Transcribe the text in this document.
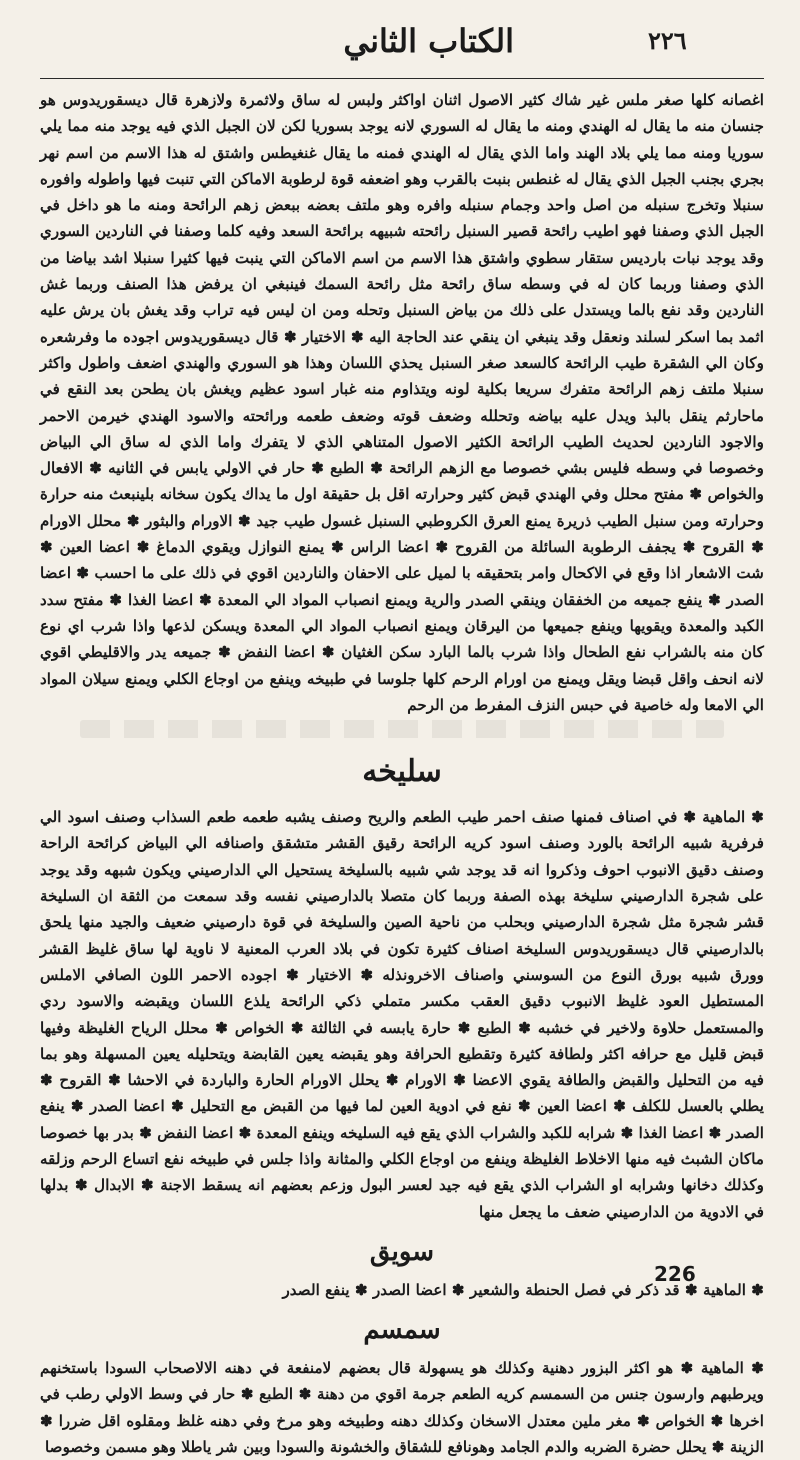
الكتاب الثاني	٢٢٦

اغصانه كلها صغر ملس غير شاك كثير الاصول اثنان اواكثر ولبس له ساق ولاثمرة ولازهرة قال ديسقوريدوس هو جنسان منه ما يقال له الهندي ومنه ما يقال له السوري لانه يوجد بسوريا لكن لان الجبل الذي فيه يوجد منه مما يلي سوريا ومنه مما يلي بلاد الهند واما الذي يقال له الهندي فمنه ما يقال غنغيطس واشتق له هذا الاسم من اسم نهر بجري بجنب الجبل الذي يقال له غنطس بنبت بالقرب وهو اضعفه قوة لرطوبة الاماكن التي تنبت فيها واطوله وافوره سنبلا وتخرج سنبله من اصل واحد وجمام سنبله وافره وهو ملتف بعضه ببعض زهم الرائحة ومنه ما هو داخل في الجبل الذي وصفنا فهو اطيب رائحة قصير السنبل رائحته شبيهه برائحة السعد وفيه كلما وصفنا في الناردين السوري وقد يوجد نبات بارديس ستقار سطوي واشتق هذا الاسم من اسم الاماكن التي ينبت فيها كثيرا سنبلا اشد بياضا من الذي وصفنا وربما كان له في وسطه ساق رائحة مثل رائحة السمك فينبغي ان يرفض هذا الصنف وربما غش الناردين وقد نفع بالما ويستدل على ذلك من بياض السنبل وتحله ومن ان ليس فيه تراب وقد يغش بان يرش عليه اثمد بما اسكر لسلند ونعقل وقد ينبغي ان ينقي عند الحاجة اليه ✽ الاختيار ✽ قال ديسقوريدوس اجوده ما وفرشعره وكان الي الشقرة طيب الرائحة كالسعد صغر السنبل يحذي اللسان وهذا هو السوري والهندي اضعف واطول واكثر سنبلا ملتف زهم الرائحة متفرك سريعا بكلية لونه ويتذاوم منه غبار اسود عظيم ويغش بان يطحن بعد النقع في ماحارثم ينقل بالبذ ويدل عليه بياضه وتحلله وضعف قوته وضعف طعمه ورائحته والاسود الهندي خيرمن الاحمر والاجود الناردين لحديث الطيب الرائحة الكثير الاصول المتناهي الذي لا يتفرك واما الذي له ساق الي البياض وخصوصا في وسطه فليس بشي خصوصا مع الزهم الرائحة ✽ الطبع ✽ حار في الاولي يابس في الثانيه ✽ الافعال والخواص ✽ مفتح محلل وفي الهندي قبض كثير وحرارته اقل بل حقيقة اول ما يداك يكون سخانه بلينبعث منه حرارة وحرارته ومن سنبل الطيب ذريرة يمنع العرق الكروطبي السنبل غسول طيب جيد ✽ الاورام والبثور ✽ محلل الاورام ✽ القروح ✽ يجفف الرطوبة السائلة من القروح ✽ اعضا الراس ✽ يمنع النوازل ويقوي الدماغ ✽ اعضا العين ✽ شت الاشعار اذا وقع في الاكحال وامر بتحقيقه با لميل على الاحفان والناردين اقوي في ذلك على ما احسب ✽ اعضا الصدر ✽ ينفع جميعه من الخفقان وينقي الصدر والرية ويمنع انصباب المواد الي المعدة ✽ اعضا الغذا ✽ مفتح سدد الكبد والمعدة ويقويها وينفع جميعها من اليرقان ويمنع انصباب المواد الي المعدة ويسكن لذعها واذا شرب اي نوع كان منه بالشراب نفع الطحال واذا شرب بالما البارد سكن الغثيان ✽ اعضا النفض ✽ جميعه يدر والاقليطي اقوي لانه انحف واقل قبضا ويقل ويمنع من اورام الرحم كلها جلوسا في طبيخه وينفع من اوجاع الكلي ويمنع سيلان المواد الي الامعا وله خاصية في حبس النزف المفرط من الرحم

سليخه

✽ الماهية ✽ في اصناف فمنها صنف احمر طيب الطعم والريح وصنف يشبه طعمه طعم السذاب وصنف اسود الي فرفرية شبيه الرائحة بالورد وصنف اسود كريه الرائحة رقيق القشر متشقق واصنافه الي البياض كرائحة الراحة وصنف دقيق الانبوب احوف وذكروا انه قد يوجد شي شبيه بالسليخة يستحيل الي الدارصيني ويكون شبهه وقد يوجد على شجرة الدارصيني سليخة بهذه الصفة وربما كان متصلا بالدارصيني نفسه وقد سمعت من الثقة ان السليخة قشر شجرة مثل شجرة الدارصيني وبحلب من ناحية الصين والسليخة في قوة دارصيني ضعيف والجيد منها يلحق بالدارصيني قال ديسقوريدوس السليخة اصناف كثيرة تكون في بلاد العرب المعنية لا ناوية لها ساق غليظ القشر وورق شبيه بورق النوع من السوسني واصناف الاخرونذله ✽ الاختيار ✽ اجوده الاحمر اللون الصافي الاملس المستطيل العود غليظ الانبوب دقيق العقب مكسر متملي ذكي الرائحة يلذع اللسان ويقبضه والاسود ردي والمستعمل حلاوة ولاخير في خشبه ✽ الطبع ✽ حارة يابسه في الثالثة ✽ الخواص ✽ محلل الرياح الغليظة وفيها قبض قليل مع حرافه اكثر ولطافة كثيرة وتقطيع الحرافة وهو يقبضه يعين القابضة ويتحليله يعين المسهلة وهو بما فيه من التحليل والقبض والطافة يقوي الاعضا ✽ الاورام ✽ يحلل الاورام الحارة والباردة في الاحشا ✽ القروح ✽ يطلي بالعسل للكلف ✽ اعضا العين ✽ نفع في ادوية العين لما فيها من القبض مع التحليل ✽ اعضا الصدر ✽ ينفع الصدر ✽ اعضا الغذا ✽ شرابه للكبد والشراب الذي يقع فيه السليخه وينفع المعدة ✽ اعضا النفض ✽ بدر بها خصوصا ماكان الشبث فيه منها الاخلاط الغليظة وينفع من اوجاع الكلي والمثانة واذا جلس في طبيخه نفع اتساع الرحم وزلقه وكذلك دخانها وشرابه او الشراب الذي يقع فيه جيد لعسر البول وزعم بعضهم انه يسقط الاجنة ✽ الابدال ✽ بدلها في الادوية من الدارصيني ضعف ما يجعل منها

سويق

✽ الماهية ✽ قد ذكر في فصل الحنطة والشعير ✽ اعضا الصدر ✽ ينفع الصدر

سمسم

✽ الماهية ✽ هو اكثر البزور دهنية وكذلك هو يسهولة قال بعضهم لامنفعة في دهنه الالاصحاب السودا باستخنهم ويرطبهم وارسون جنس من السمسم كريه الطعم جرمة اقوي من دهنة ✽ الطبع ✽ حار في وسط الاولي رطب في اخرها ✽ الخواص ✽ مغر ملين معتدل الاسخان وكذلك دهنه وطبيخه وهو مرخ وفي دهنه غلظ ومقلوه اقل ضررا ✽ الزينة ✽ يحلل حضرة الضربه والدم الجامد وهونافع للشقاق والخشونة والسودا وبين شر ياطلا وهو مسمن وخصوصا

226
